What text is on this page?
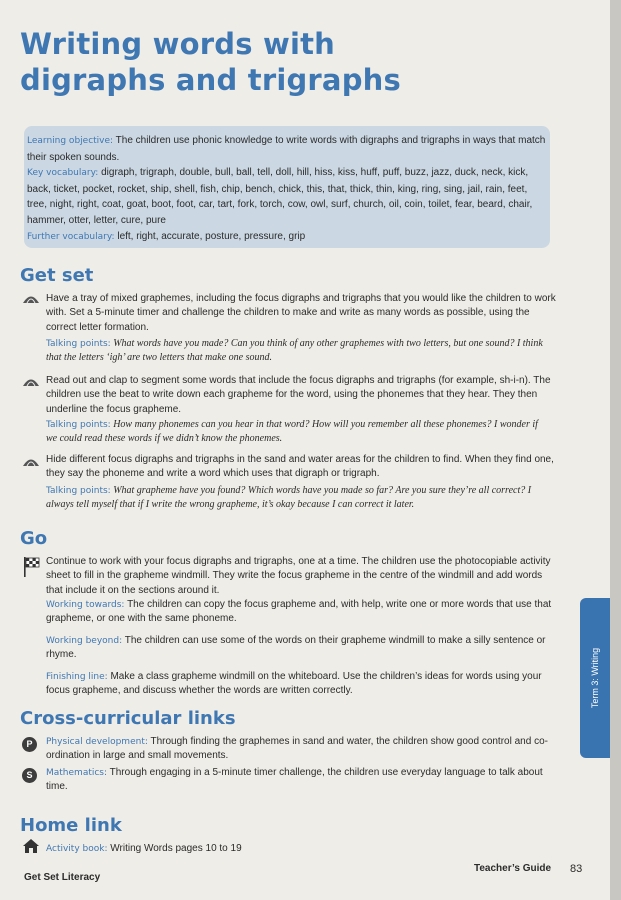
Writing words with digraphs and trigraphs
Learning objective: The children use phonic knowledge to write words with digraphs and trigraphs in ways that match their spoken sounds.
Key vocabulary: digraph, trigraph, double, bull, ball, tell, doll, hill, hiss, kiss, huff, puff, buzz, jazz, duck, neck, kick, back, ticket, pocket, rocket, ship, shell, fish, chip, bench, chick, this, that, thick, thin, king, ring, sing, jail, rain, feet, tree, night, right, coat, goat, boot, foot, car, tart, fork, torch, cow, owl, surf, church, oil, coin, toilet, fear, beard, chair, hammer, otter, letter, cure, pure
Further vocabulary: left, right, accurate, posture, pressure, grip
Get set
Have a tray of mixed graphemes, including the focus digraphs and trigraphs that you would like the children to work with. Set a 5-minute timer and challenge the children to make and write as many words as possible, using the correct letter formation.
Talking points: What words have you made? Can you think of any other graphemes with two letters, but one sound? I think that the letters ‘igh’ are two letters that make one sound.
Read out and clap to segment some words that include the focus digraphs and trigraphs (for example, sh-i-n). The children use the beat to write down each grapheme for the word, using the phonemes that they hear. They then underline the focus grapheme.
Talking points: How many phonemes can you hear in that word? How will you remember all these phonemes? I wonder if we could read these words if we didn’t know the phonemes.
Hide different focus digraphs and trigraphs in the sand and water areas for the children to find. When they find one, they say the phoneme and write a word which uses that digraph or trigraph.
Talking points: What grapheme have you found? Which words have you made so far? Are you sure they’re all correct? I always tell myself that if I write the wrong grapheme, it’s okay because I can correct it later.
Go
Continue to work with your focus digraphs and trigraphs, one at a time. The children use the photocopiable activity sheet to fill in the grapheme windmill. They write the focus grapheme in the centre of the windmill and add words that include it on the sections around it.
Working towards: The children can copy the focus grapheme and, with help, write one or more words that use that grapheme, or one with the same phoneme.
Working beyond: The children can use some of the words on their grapheme windmill to make a silly sentence or rhyme.
Finishing line: Make a class grapheme windmill on the whiteboard. Use the children’s ideas for words using your focus grapheme, and discuss whether the words are written correctly.
Cross-curricular links
P	Physical development: Through finding the graphemes in sand and water, the children show good control and co-ordination in large and small movements.
S	Mathematics: Through engaging in a 5-minute timer challenge, the children use everyday language to talk about time.
Home link
Activity book: Writing Words pages 10 to 19
Term 3: Writing
Get Set Literacy
Teacher’s Guide 83
